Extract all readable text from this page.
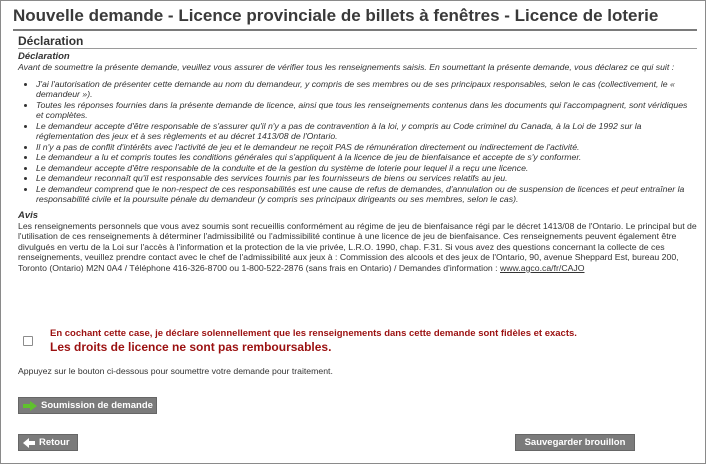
Nouvelle demande - Licence provinciale de billets à fenêtres - Licence de loterie
Déclaration

Déclaration

Avant de soumettre la présente demande, veuillez vous assurer de vérifier tous les renseignements saisis. En soumettant la présente demande, vous déclarez ce qui suit :

• J'ai l'autorisation de présenter cette demande au nom du demandeur, y compris de ses membres ou de ses principaux responsables, selon le cas (collectivement, le « demandeur »).
• Toutes les réponses fournies dans la présente demande de licence, ainsi que tous les renseignements contenus dans les documents qui l'accompagnent, sont véridiques et complètes.
• Le demandeur accepte d'être responsable de s'assurer qu'il n'y a pas de contravention à la loi, y compris au Code criminel du Canada, à la Loi de 1992 sur la réglementation des jeux et à ses règlements et au décret 1413/08 de l'Ontario.
• Il n'y a pas de conflit d'intérêts avec l'activité de jeu et le demandeur ne reçoit PAS de rémunération directement ou indirectement de l'activité.
• Le demandeur a lu et compris toutes les conditions générales qui s'appliquent à la licence de jeu de bienfaisance et accepte de s'y conformer.
• Le demandeur accepte d'être responsable de la conduite et de la gestion du système de loterie pour lequel il a reçu une licence.
• Le demandeur reconnaît qu'il est responsable des services fournis par les fournisseurs de biens ou services relatifs au jeu.
• Le demandeur comprend que le non-respect de ces responsabilités est une cause de refus de demandes, d'annulation ou de suspension de licences et peut entraîner la responsabilité civile et la poursuite pénale du demandeur (y compris ses principaux dirigeants ou ses membres, selon le cas).

Avis

Les renseignements personnels que vous avez soumis sont recueillis conformément au régime de jeu de bienfaisance régi par le décret 1413/08 de l'Ontario. Le principal but de l'utilisation de ces renseignements à déterminer l'admissibilité ou l'admissibilité continue à une licence de jeu de bienfaisance. Ces renseignements peuvent également être divulgués en vertu de la Loi sur l'accès à l'information et la protection de la vie privée, L.R.O. 1990, chap. F.31. Si vous avez des questions concernant la collecte de ces renseignements, veuillez prendre contact avec le chef de l'admissibilité aux jeux à : Commission des alcools et des jeux de l'Ontario, 90, avenue Sheppard Est, bureau 200, Toronto (Ontario) M2N 0A4 / Téléphone 416-326-8700 ou 1-800-522-2876 (sans frais en Ontario) / Demandes d'information : www.agco.ca/fr/CAJO

En cochant cette case, je déclare solennellement que les renseignements dans cette demande sont fidèles et exacts.
Les droits de licence ne sont pas remboursables.
Appuyez sur le bouton ci-dessous pour soumettre votre demande pour traitement.
Soumission de demande
Retour	Sauvegarder brouillon
